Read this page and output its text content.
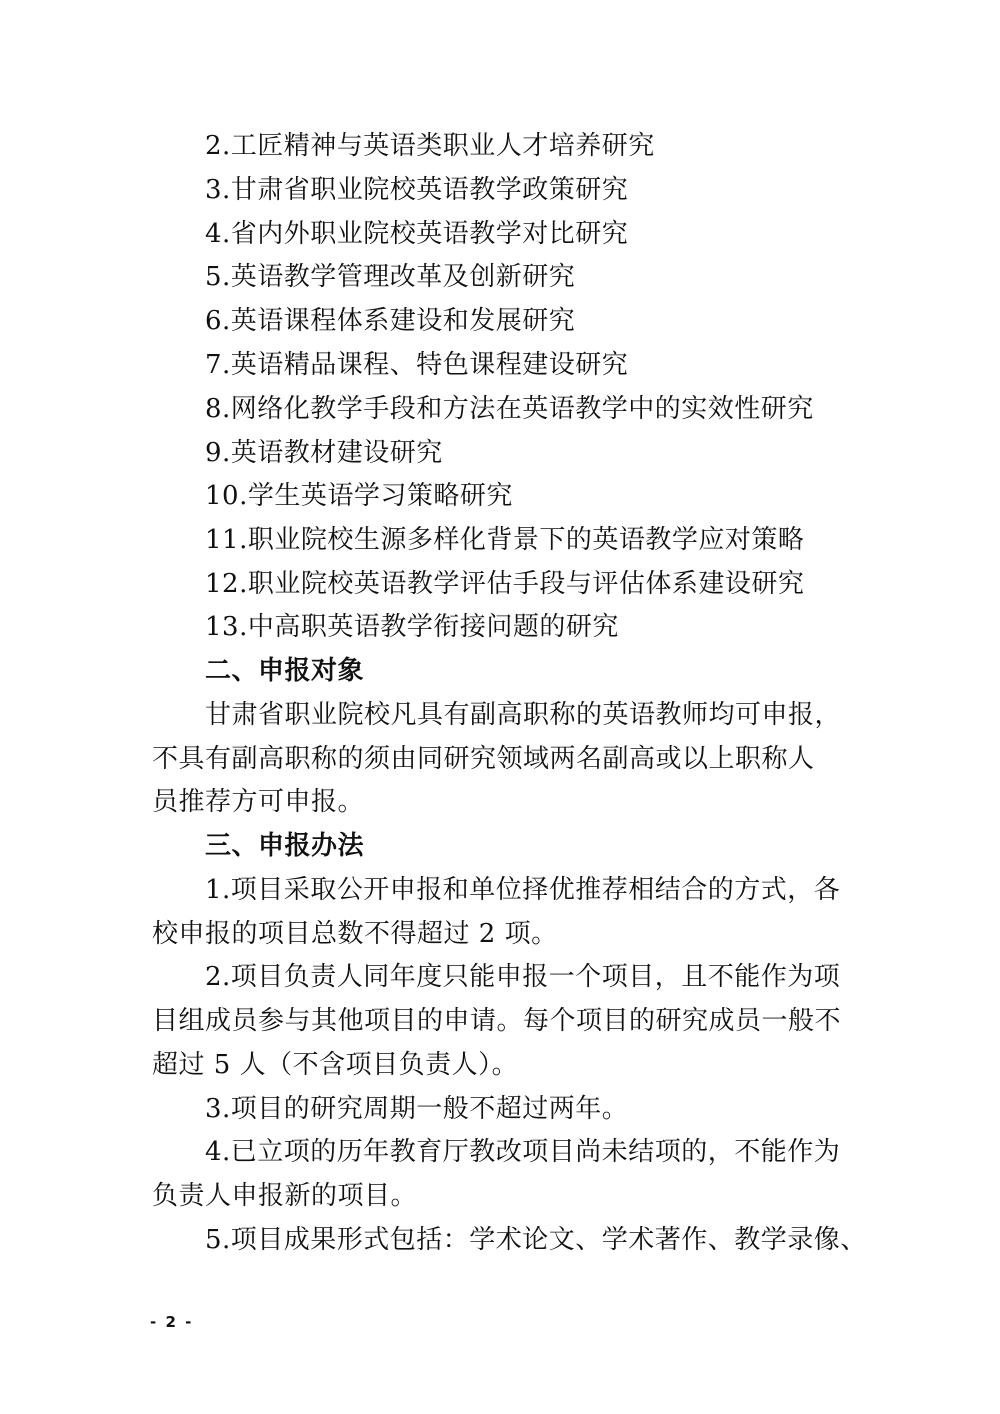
2.工匠精神与英语类职业人才培养研究
3.甘肃省职业院校英语教学政策研究
4.省内外职业院校英语教学对比研究
5.英语教学管理改革及创新研究
6.英语课程体系建设和发展研究
7.英语精品课程、特色课程建设研究
8.网络化教学手段和方法在英语教学中的实效性研究
9.英语教材建设研究
10.学生英语学习策略研究
11.职业院校生源多样化背景下的英语教学应对策略
12.职业院校英语教学评估手段与评估体系建设研究
13.中高职英语教学衔接问题的研究
二、申报对象
甘肃省职业院校凡具有副高职称的英语教师均可申报，
不具有副高职称的须由同研究领域两名副高或以上职称人
员推荐方可申报。
三、申报办法
1.项目采取公开申报和单位择优推荐相结合的方式，各
校申报的项目总数不得超过 2 项。
2.项目负责人同年度只能申报一个项目，且不能作为项
目组成员参与其他项目的申请。每个项目的研究成员一般不
超过 5 人（不含项目负责人）。
3.项目的研究周期一般不超过两年。
4.已立项的历年教育厅教改项目尚未结项的，不能作为
负责人申报新的项目。
5.项目成果形式包括：学术论文、学术著作、教学录像、
- 2 -
